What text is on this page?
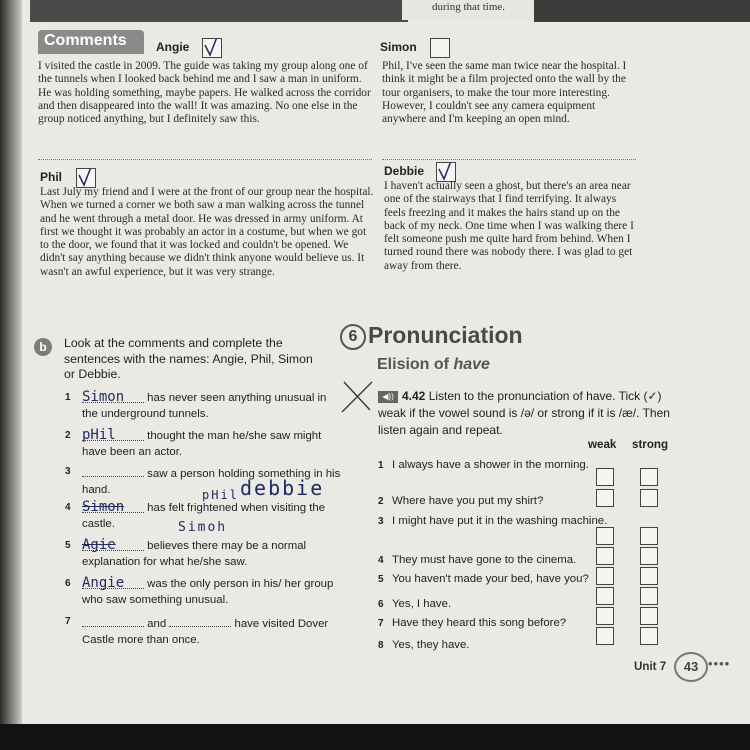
during that time.
Comments	Angie	Simon
I visited the castle in 2009. The guide was taking my group along one of the tunnels when I looked back behind me and I saw a man in uniform. He was holding something, maybe papers. He walked across the corridor and then disappeared into the wall! It was amazing. No one else in the group noticed anything, but I definitely saw this.
Phil, I've seen the same man twice near the hospital. I think it might be a film projected onto the wall by the tour organisers, to make the tour more interesting. However, I couldn't see any camera equipment anywhere and I'm keeping an open mind.
Phil	Debbie
Last July my friend and I were at the front of our group near the hospital. When we turned a corner we both saw a man walking across the tunnel and he went through a metal door. He was dressed in army uniform. At first we thought it was probably an actor in a costume, but when we got to the door, we found that it was locked and couldn't be opened. We didn't say anything because we didn't think anyone would believe us. It wasn't an awful experience, but it was very strange.
I haven't actually seen a ghost, but there's an area near one of the stairways that I find terrifying. It always feels freezing and it makes the hairs stand up on the back of my neck. One time when I was walking there I felt someone push me quite hard from behind. When I turned round there was nobody there. I was glad to get away from there.
b	Look at the comments and complete the sentences with the names: Angie, Phil, Simon or Debbie.
1 Simon has never seen anything unusual in the underground tunnels.
2 pHil thought the man he/she saw might have been an actor.
3	saw a person holding something in his hand.
4 Simon has felt frightened when visiting the castle.
5 Agie believes there may be a normal explanation for what he/she saw.
6 Angie was the only person in his/ her group who saw something unusual.
7	and	have visited Dover Castle more than once.
debbie
Simoh
pHil
6 Pronunciation
Elision of have
◀)) 4.42 Listen to the pronunciation of have. Tick (✓) weak if the vowel sound is /ə/ or strong if it is /æ/. Then listen again and repeat.
weak strong
1 I always have a shower in the morning.
2 Where have you put my shirt?
3 I might have put it in the washing machine.
4 They must have gone to the cinema.
5 You haven't made your bed, have you?
6 Yes, I have.
7 Have they heard this song before?
8 Yes, they have.
Unit 7	43 ••••
